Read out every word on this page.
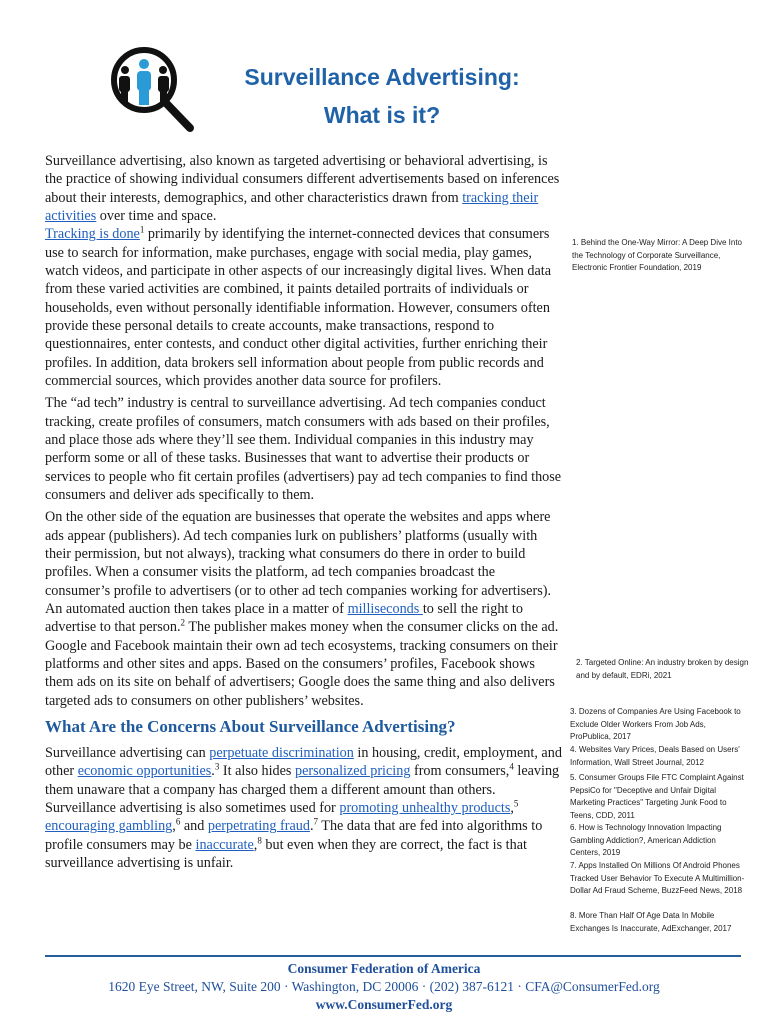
Surveillance Advertising:
What is it?

Surveillance advertising, also known as targeted advertising or behavioral advertising, is the practice of showing individual consumers different advertisements based on inferences about their interests, demographics, and other characteristics drawn from tracking their activities over time and space.

Tracking is done$^1$ primarily by identifying the internet-connected devices that consumers use to search for information, make purchases, engage with social media, play games, watch videos, and participate in other aspects of our increasingly digital lives. When data from these varied activities are combined, it paints detailed portraits of individuals or households, even without personally identifiable information. However, consumers often provide these personal details to create accounts, make transactions, respond to questionnaires, enter contests, and conduct other digital activities, further enriching their profiles. In addition, data brokers sell information about people from public records and commercial sources, which provides another data source for profilers.

The “ad tech” industry is central to surveillance advertising. Ad tech companies conduct tracking, create profiles of consumers, match consumers with ads based on their profiles, and place those ads where they’ll see them. Individual companies in this industry may perform some or all of these tasks. Businesses that want to advertise their products or services to people who fit certain profiles (advertisers) pay ad tech companies to find those consumers and deliver ads specifically to them.

On the other side of the equation are businesses that operate the websites and apps where ads appear (publishers). Ad tech companies lurk on publishers’ platforms (usually with their permission, but not always), tracking what consumers do there in order to build profiles. When a consumer visits the platform, ad tech companies broadcast the consumer’s profile to advertisers (or to other ad tech companies working for advertisers). An automated auction then takes place in a matter of milliseconds to sell the right to advertise to that person.$^2$ The publisher makes money when the consumer clicks on the ad. Google and Facebook maintain their own ad tech ecosystems, tracking consumers on their platforms and other sites and apps. Based on the consumers’ profiles, Facebook shows them ads on its site on behalf of advertisers; Google does the same thing and also delivers targeted ads to consumers on other publishers’ websites.

What Are the Concerns About Surveillance Advertising?

Surveillance advertising can perpetuate discrimination in housing, credit, employment, and other economic opportunities.$^3$ It also hides personalized pricing from consumers,$^4$ leaving them unaware that a company has charged them a different amount than others. Surveillance advertising is also sometimes used for promoting unhealthy products,$^5$ encouraging gambling,$^6$ and perpetrating fraud.$^7$ The data that are fed into algorithms to profile consumers may be inaccurate,$^8$ but even when they are correct, the fact is that surveillance advertising is unfair.

1. Behind the One-Way Mirror: A Deep Dive Into the Technology of Corporate Surveillance, Electronic Frontier Foundation, 2019
2. Targeted Online: An industry broken by design and by default, EDRi, 2021
3. Dozens of Companies Are Using Facebook to Exclude Older Workers From Job Ads, ProPublica, 2017
4. Websites Vary Prices, Deals Based on Users' Information, Wall Street Journal, 2012
5. Consumer Groups File FTC Complaint Against PepsiCo for "Deceptive and Unfair Digital Marketing Practices" Targeting Junk Food to Teens, CDD, 2011
6. How is Technology Innovation Impacting Gambling Addiction?, American Addiction Centers, 2019
7. Apps Installed On Millions Of Android Phones Tracked User Behavior To Execute A Multimillion-Dollar Ad Fraud Scheme, BuzzFeed News, 2018
8. More Than Half Of Age Data In Mobile Exchanges Is Inaccurate, AdExchanger, 2017
Consumer Federation of America
1620 Eye Street, NW, Suite 200 · Washington, DC 20006 · (202) 387-6121 · CFA@ConsumerFed.org
www.ConsumerFed.org
